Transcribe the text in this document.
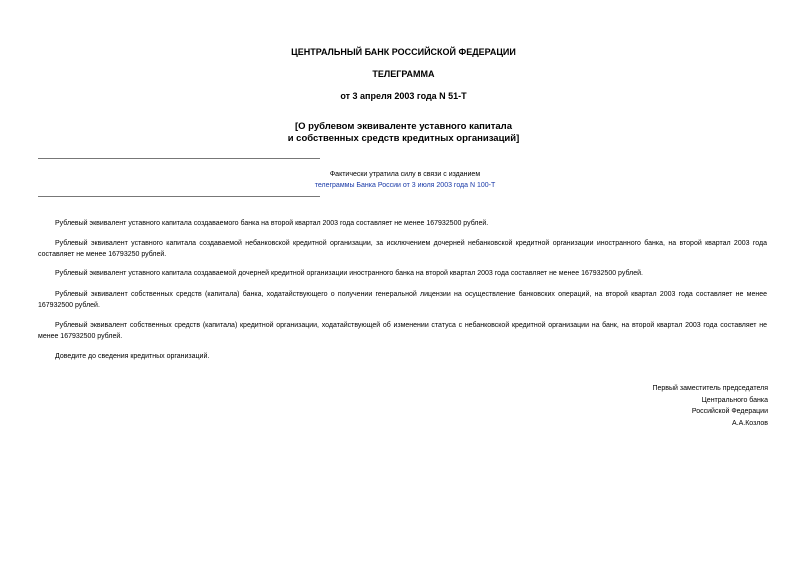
ЦЕНТРАЛЬНЫЙ БАНК РОССИЙСКОЙ ФЕДЕРАЦИИ
ТЕЛЕГРАММА
от 3 апреля 2003 года N 51-Т
[О рублевом эквиваленте уставного капитала
и собственных средств кредитных организаций]
Фактически утратила силу в связи с изданием
телеграммы Банка России от 3 июля 2003 года N 100-Т
Рублевый эквивалент уставного капитала создаваемого банка на второй квартал 2003 года составляет не менее 167932500 рублей.
Рублевый эквивалент уставного капитала создаваемой небанковской кредитной организации, за исключением дочерней небанковской кредитной организации иностранного банка, на второй квартал 2003 года составляет не менее 16793250 рублей.
Рублевый эквивалент уставного капитала создаваемой дочерней кредитной организации иностранного банка на второй квартал 2003 года составляет не менее 167932500 рублей.
Рублевый эквивалент собственных средств (капитала) банка, ходатайствующего о получении генеральной лицензии на осуществление банковских операций, на второй квартал 2003 года составляет не менее 167932500 рублей.
Рублевый эквивалент собственных средств (капитала) кредитной организации, ходатайствующей об изменении статуса с небанковской кредитной организации на банк, на второй квартал 2003 года составляет не менее 167932500 рублей.
Доведите до сведения кредитных организаций.
Первый заместитель председателя
Центрального банка
Российской Федерации
А.А.Козлов
